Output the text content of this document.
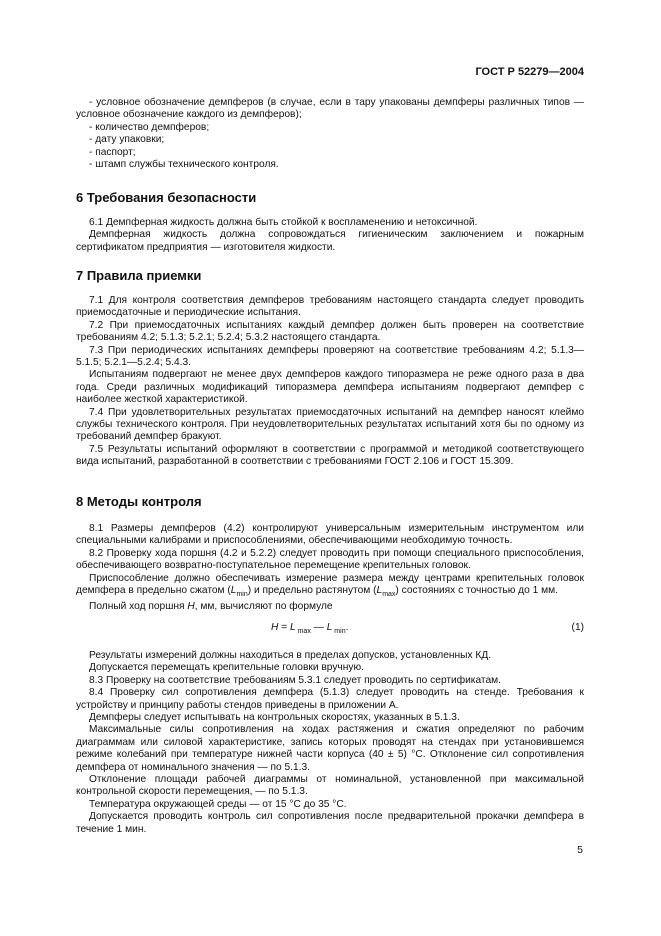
ГОСТ Р 52279—2004

- условное обозначение демпферов (в случае, если в тару упакованы демпферы различных типов — условное обозначение каждого из демпферов);

- количество демпферов;

- дату упаковки;

- паспорт;

- штамп службы технического контроля.

6 Требования безопасности

6.1 Демпферная жидкость должна быть стойкой к воспламенению и нетоксичной.

Демпферная жидкость должна сопровождаться гигиеническим заключением и пожарным сертификатом предприятия — изготовителя жидкости.

7 Правила приемки

7.1 Для контроля соответствия демпферов требованиям настоящего стандарта следует проводить приемосдаточные и периодические испытания.

7.2 При приемосдаточных испытаниях каждый демпфер должен быть проверен на соответствие требованиям 4.2; 5.1.3; 5.2.1; 5.2.4; 5.3.2 настоящего стандарта.

7.3 При периодических испытаниях демпферы проверяют на соответствие требованиям 4.2; 5.1.3—5.1.5; 5.2.1—5.2.4; 5.4.3.

Испытаниям подвергают не менее двух демпферов каждого типоразмера не реже одного раза в два года. Среди различных модификаций типоразмера демпфера испытаниям подвергают демпфер с наиболее жесткой характеристикой.

7.4 При удовлетворительных результатах приемосдаточных испытаний на демпфер наносят клеймо службы технического контроля. При неудовлетворительных результатах испытаний хотя бы по одному из требований демпфер бракуют.

7.5 Результаты испытаний оформляют в соответствии с программой и методикой соответствующего вида испытаний, разработанной в соответствии с требованиями ГОСТ 2.106 и ГОСТ 15.309.

8 Методы контроля

8.1 Размеры демпферов (4.2) контролируют универсальным измерительным инструментом или специальными калибрами и приспособлениями, обеспечивающими необходимую точность.

8.2 Проверку хода поршня (4.2 и 5.2.2) следует проводить при помощи специального приспособления, обеспечивающего возвратно-поступательное перемещение крепительных головок.

Приспособление должно обеспечивать измерение размера между центрами крепительных головок демпфера в предельно сжатом $(L_{min})$ и предельно растянутом $(L_{max})$ состояниях с точностью до 1 мм.

Полный ход поршня H, мм, вычисляют по формуле

H = L $_{max}$ — L $_{min}$.	(1)

Результаты измерений должны находиться в пределах допусков, установленных КД.

Допускается перемещать крепительные головки вручную.

8.3 Проверку на соответствие требованиям 5.3.1 следует проводить по сертификатам.

8.4 Проверку сил сопротивления демпфера (5.1.3) следует проводить на стенде. Требования к устройству и принципу работы стендов приведены в приложении А.

Демпферы следует испытывать на контрольных скоростях, указанных в 5.1.3.

Максимальные силы сопротивления на ходах растяжения и сжатия определяют по рабочим диаграммам или силовой характеристике, запись которых проводят на стендах при установившемся режиме колебаний при температуре нижней части корпуса (40 ± 5) °С. Отклонение сил сопротивления демпфера от номинального значения — по 5.1.3.

Отклонение площади рабочей диаграммы от номинальной, установленной при максимальной контрольной скорости перемещения, — по 5.1.3.

Температура окружающей среды — от 15 °С до 35 °С.

Допускается проводить контроль сил сопротивления после предварительной прокачки демпфера в течение 1 мин.

5
